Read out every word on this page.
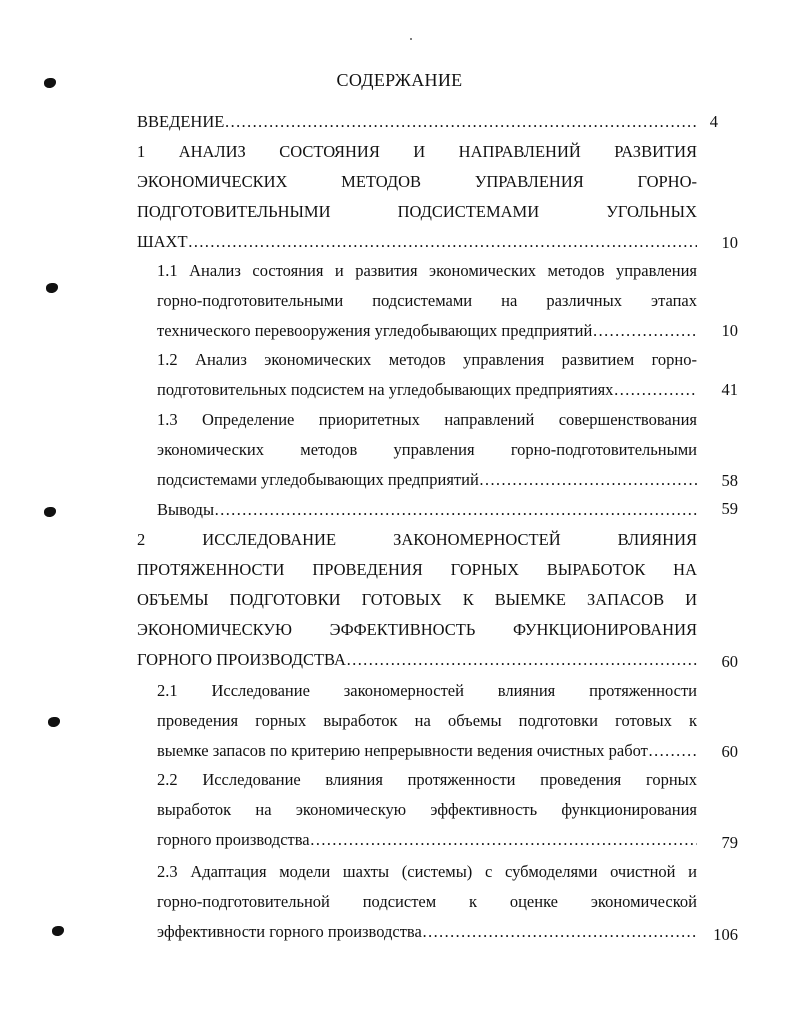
СОДЕРЖАНИЕ
ВВЕДЕНИЕ ………………………………………………………………………………………………………………………	4
1 АНАЛИЗ СОСТОЯНИЯ И НАПРАВЛЕНИЙ РАЗВИТИЯ
ЭКОНОМИЧЕСКИХ МЕТОДОВ УПРАВЛЕНИЯ ГОРНО-
ПОДГОТОВИТЕЛЬНЫМИ ПОДСИСТЕМАМИ УГОЛЬНЫХ
ШАХТ ………………………………………………………………………………………………………………………	10
1.1 Анализ состояния и развития экономических методов управления
горно-подготовительными подсистемами на различных этапах
технического перевооружения угледобывающих предприятий ………………………………………………………………………………………………………………………	10
1.2 Анализ экономических методов управления развитием горно-
подготовительных подсистем на угледобывающих предприятиях ………………………………………………………………………………………………………………………	41
1.3 Определение приоритетных направлений совершенствования
экономических методов управления горно-подготовительными
подсистемами угледобывающих предприятий ………………………………………………………………………………………………………………………	58
Выводы ………………………………………………………………………………………………………………………	59
2 ИССЛЕДОВАНИЕ ЗАКОНОМЕРНОСТЕЙ ВЛИЯНИЯ
ПРОТЯЖЕННОСТИ ПРОВЕДЕНИЯ ГОРНЫХ ВЫРАБОТОК НА
ОБЪЕМЫ ПОДГОТОВКИ ГОТОВЫХ К ВЫЕМКЕ ЗАПАСОВ И
ЭКОНОМИЧЕСКУЮ ЭФФЕКТИВНОСТЬ ФУНКЦИОНИРОВАНИЯ
ГОРНОГО ПРОИЗВОДСТВА ………………………………………………………………………………………………………………………	60
2.1 Исследование закономерностей влияния протяженности
проведения горных выработок на объемы подготовки готовых к
выемке запасов по критерию непрерывности ведения очистных работ ………………………………………………………………………………………………………………………	60
2.2 Исследование влияния протяженности проведения горных
выработок на экономическую эффективность функционирования
горного производства ………………………………………………………………………………………………………………………	79
2.3 Адаптация модели шахты (системы) с субмоделями очистной и
горно-подготовительной подсистем к оценке экономической
эффективности горного производства ………………………………………………………………………………………………………………………	106
